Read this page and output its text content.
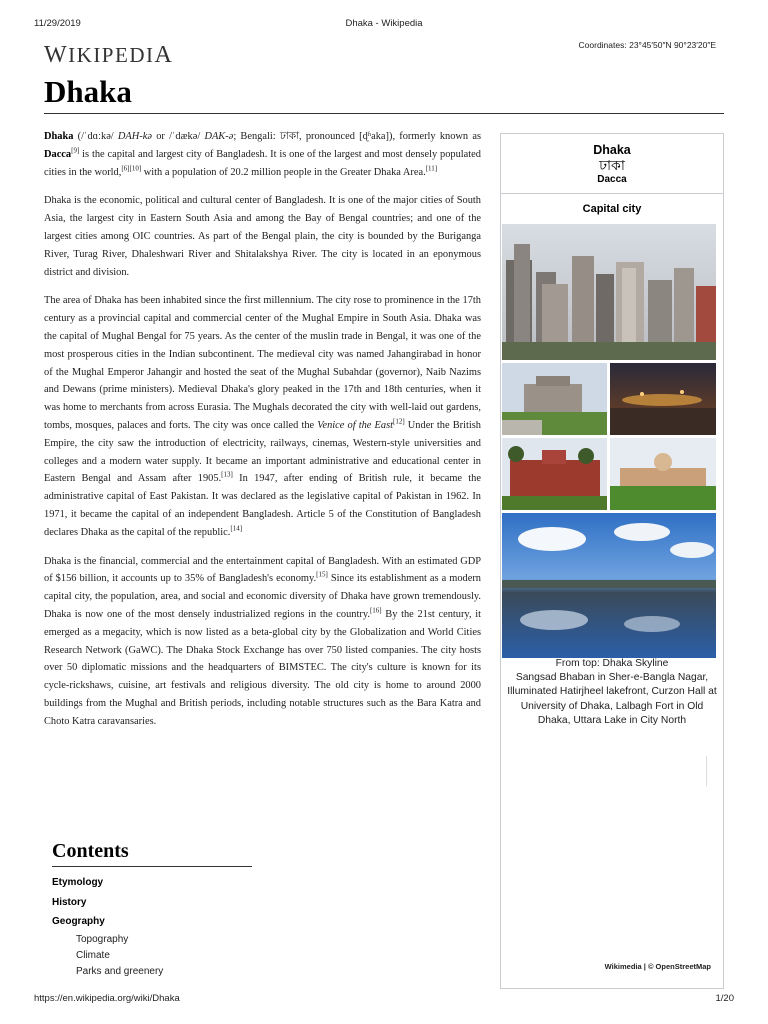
11/29/2019	Dhaka - Wikipedia
WIKIPEDIA	Coordinates: 23°45′50″N 90°23′20″E
Dhaka

Dhaka (/ˈdɑːkə/ DAH-kə or /ˈdækə/ DAK-ə; Bengali: ঢাকা, pronounced [ɖʱaka]), formerly known as Dacca[9] is the capital and largest city of Bangladesh. It is one of the largest and most densely populated cities in the world,[6][10] with a population of 20.2 million people in the Greater Dhaka Area.[11]

Dhaka is the economic, political and cultural center of Bangladesh. It is one of the major cities of South Asia, the largest city in Eastern South Asia and among the Bay of Bengal countries; and one of the largest cities among OIC countries. As part of the Bengal plain, the city is bounded by the Buriganga River, Turag River, Dhaleshwari River and Shitalakshya River. The city is located in an eponymous district and division.

The area of Dhaka has been inhabited since the first millennium. The city rose to prominence in the 17th century as a provincial capital and commercial center of the Mughal Empire in South Asia. Dhaka was the capital of Mughal Bengal for 75 years. As the center of the muslin trade in Bengal, it was one of the most prosperous cities in the Indian subcontinent. The medieval city was named Jahangirabad in honor of the Mughal Emperor Jahangir and hosted the seat of the Mughal Subahdar (governor), Naib Nazims and Dewans (prime ministers). Medieval Dhaka's glory peaked in the 17th and 18th centuries, when it was home to merchants from across Eurasia. The Mughals decorated the city with well-laid out gardens, tombs, mosques, palaces and forts. The city was once called the Venice of the East[12] Under the British Empire, the city saw the introduction of electricity, railways, cinemas, Western-style universities and colleges and a modern water supply. It became an important administrative and educational center in Eastern Bengal and Assam after 1905.[13] In 1947, after ending of British rule, it became the administrative capital of East Pakistan. It was declared as the legislative capital of Pakistan in 1962. In 1971, it became the capital of an independent Bangladesh. Article 5 of the Constitution of Bangladesh declares Dhaka as the capital of the republic.[14]

Dhaka is the financial, commercial and the entertainment capital of Bangladesh. With an estimated GDP of $156 billion, it accounts up to 35% of Bangladesh's economy.[15] Since its establishment as a modern capital city, the population, area, and social and economic diversity of Dhaka have grown tremendously. Dhaka is now one of the most densely industrialized regions in the country.[16] By the 21st century, it emerged as a megacity, which is now listed as a beta-global city by the Globalization and World Cities Research Network (GaWC). The Dhaka Stock Exchange has over 750 listed companies. The city hosts over 50 diplomatic missions and the headquarters of BIMSTEC. The city's culture is known for its cycle-rickshaws, cuisine, art festivals and religious diversity. The old city is home to around 2000 buildings from the Mughal and British periods, including notable structures such as the Bara Katra and Choto Katra caravansaries.

Dhaka
ঢাকা
Dacca
Capital city
From top: Dhaka Skyline
Sangsad Bhaban in Sher-e-Bangla Nagar, Illuminated Hatirjheel lakefront, Curzon Hall at University of Dhaka, Lalbagh Fort in Old Dhaka, Uttara Lake in City North
Wikimedia | © OpenStreetMap
Contents
Etymology
History
Geography
Topography
Climate
Parks and greenery
https://en.wikipedia.org/wiki/Dhaka	1/20
